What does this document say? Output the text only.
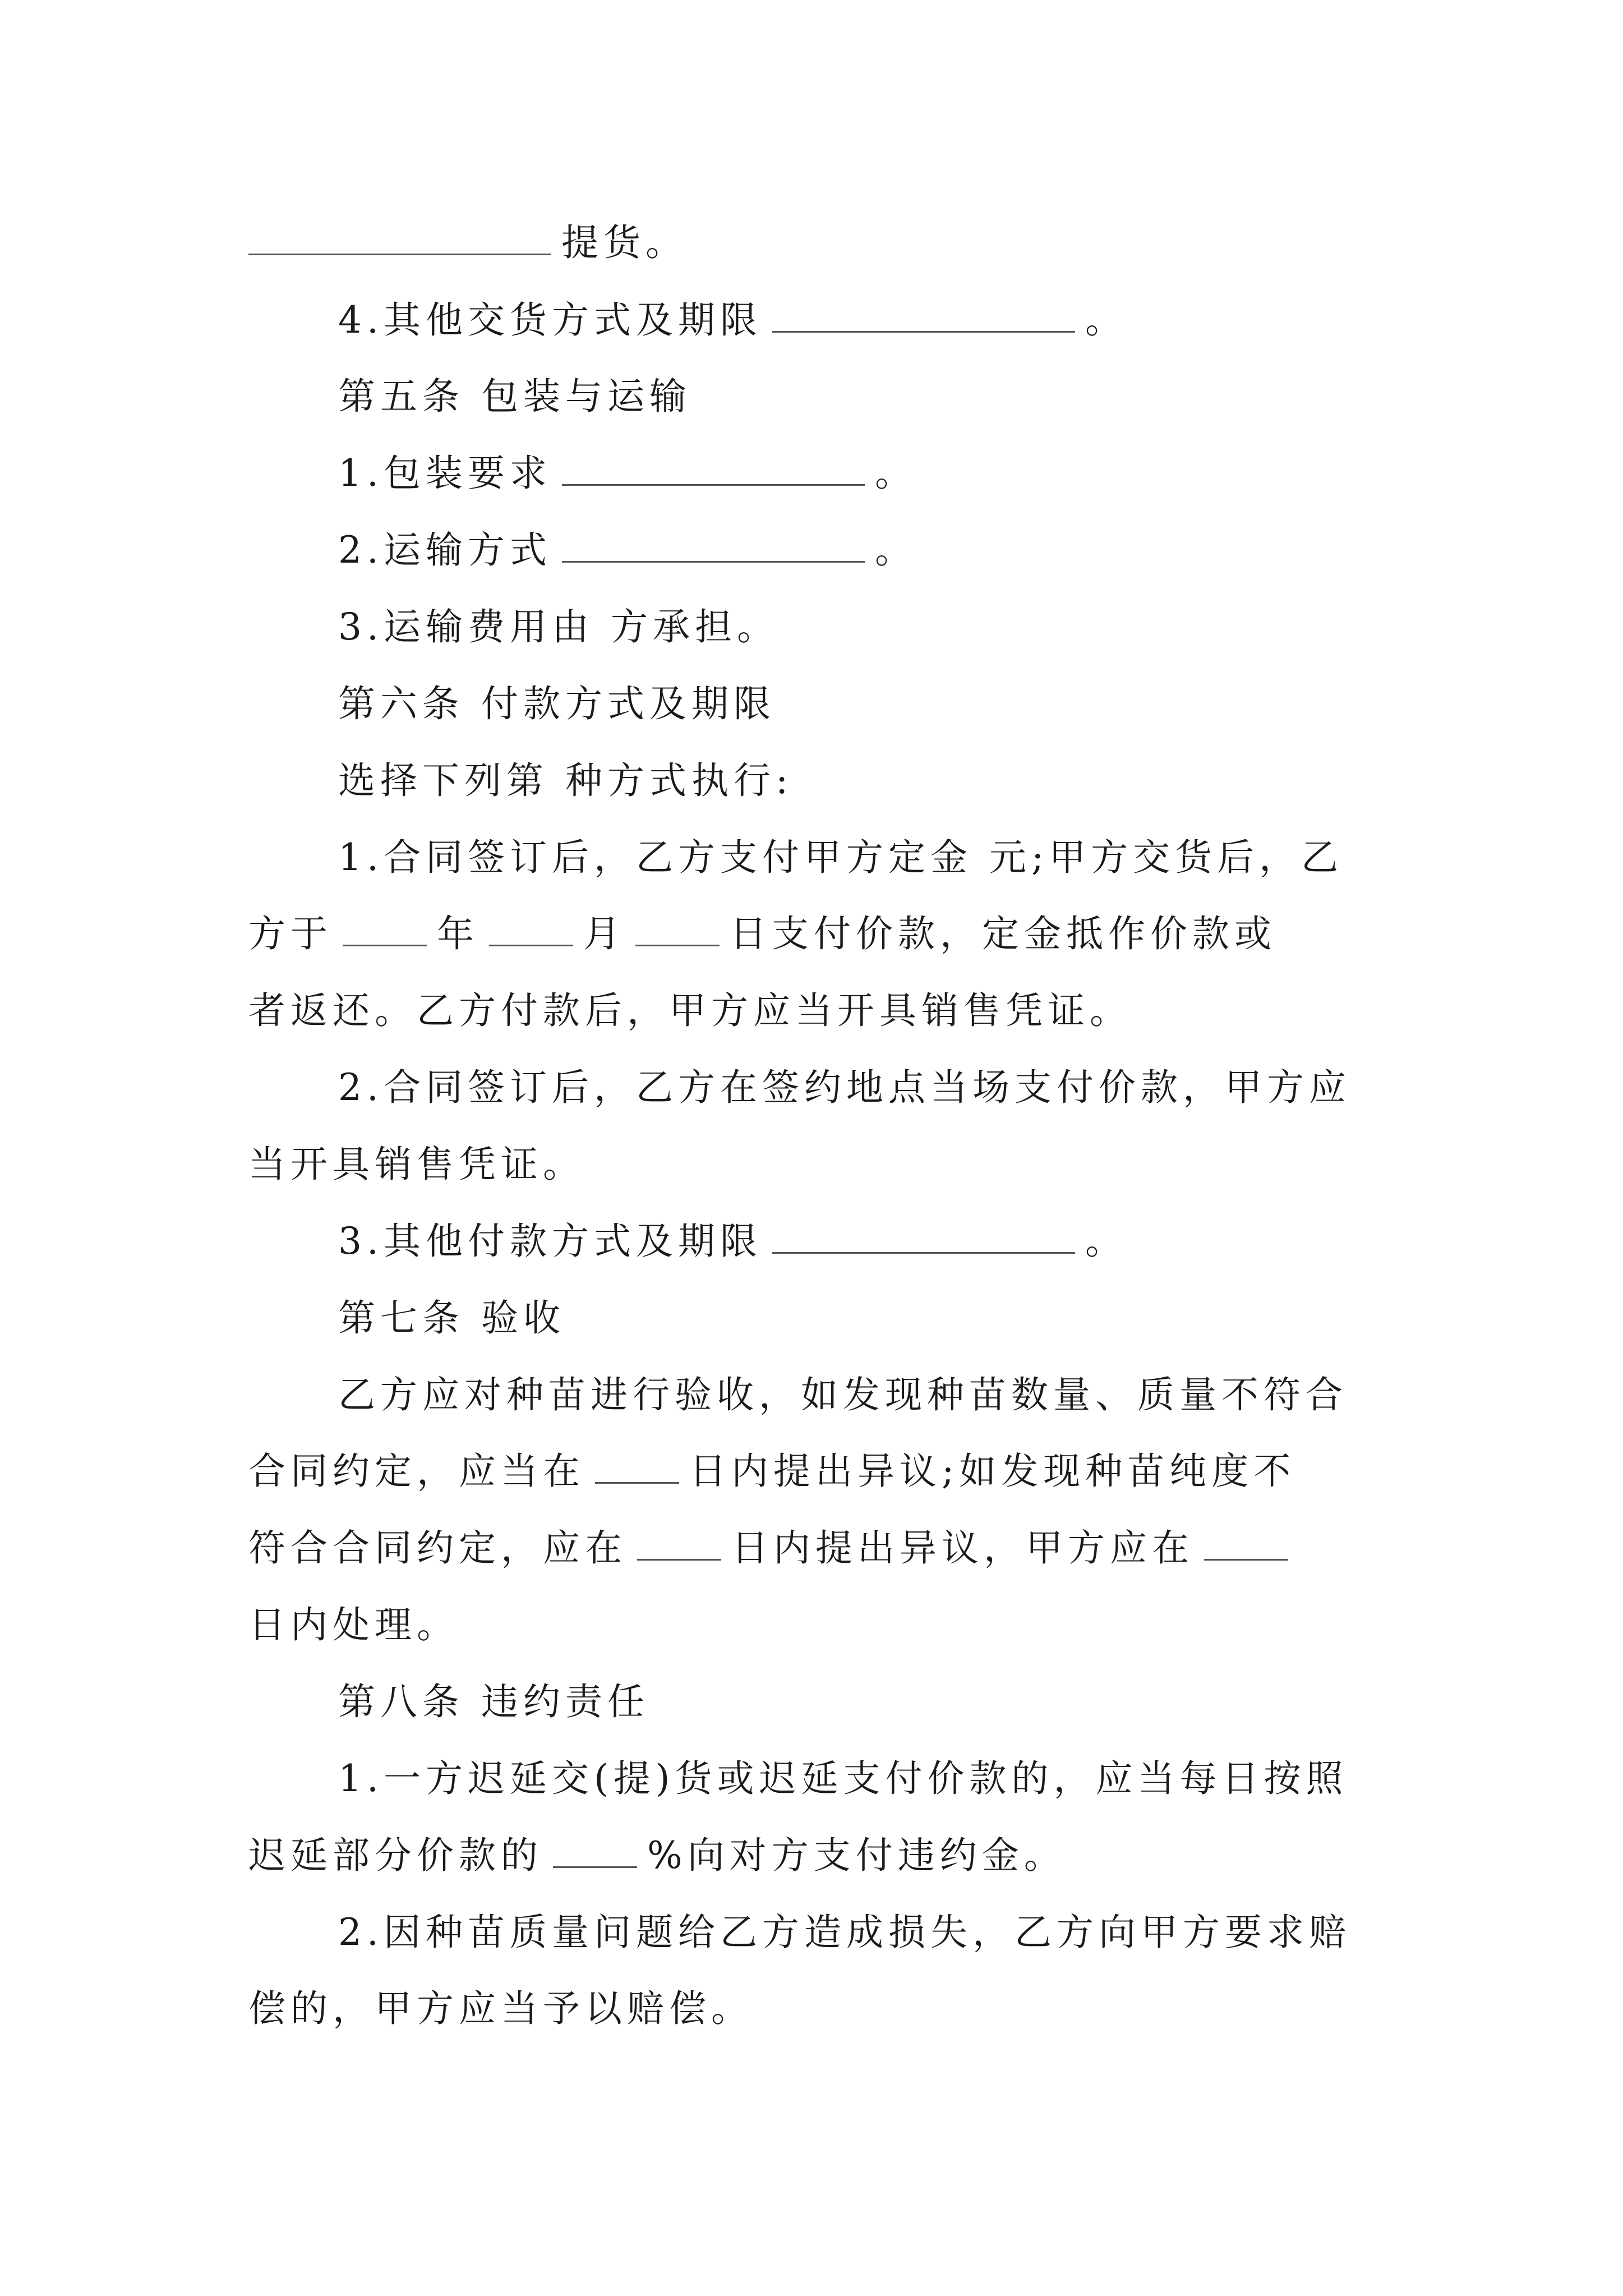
提货。
4.其他交货方式及期限	。
第五条 包装与运输
1.包装要求	。
2.运输方式	。
3.运输费用由 方承担。
第六条 付款方式及期限
选择下列第 种方式执行:
1.合同签订后，乙方支付甲方定金 元;甲方交货后，乙
方于	年	月	日支付价款，定金抵作价款或
者返还。乙方付款后，甲方应当开具销售凭证。
2.合同签订后，乙方在签约地点当场支付价款，甲方应
当开具销售凭证。
3.其他付款方式及期限	。
第七条 验收
乙方应对种苗进行验收，如发现种苗数量、质量不符合
合同约定，应当在	日内提出异议;如发现种苗纯度不
符合合同约定，应在	日内提出异议，甲方应在
日内处理。
第八条 违约责任
1.一方迟延交(提)货或迟延支付价款的，应当每日按照
迟延部分价款的	%向对方支付违约金。
2.因种苗质量问题给乙方造成损失，乙方向甲方要求赔
偿的，甲方应当予以赔偿。
